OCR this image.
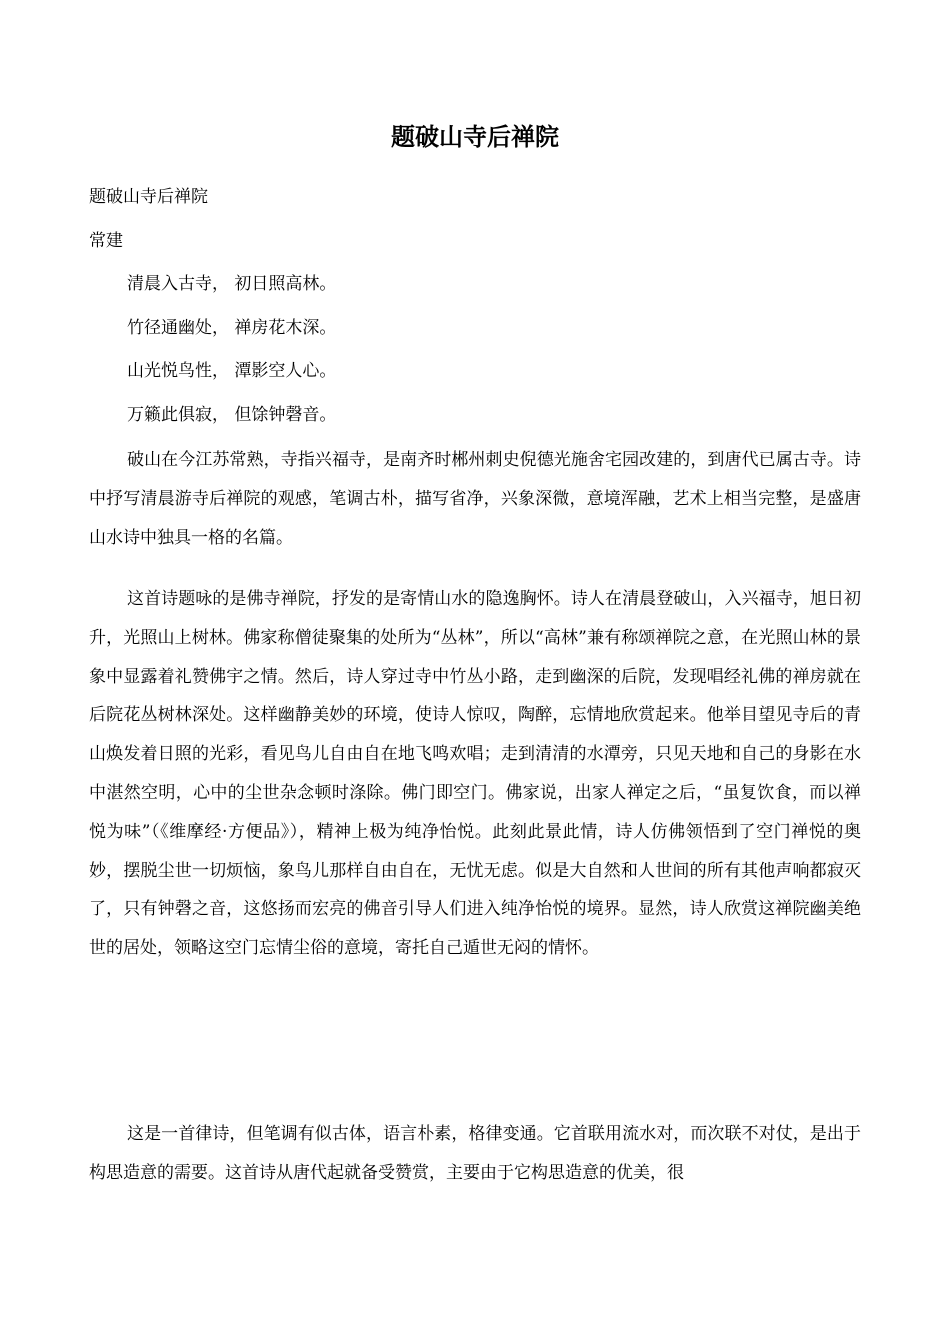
题破山寺后禅院

题破山寺后禅院

常建

清晨入古寺， 初日照高林。

竹径通幽处， 禅房花木深。

山光悦鸟性， 潭影空人心。

万籁此俱寂， 但馀钟磬音。

破山在今江苏常熟，寺指兴福寺，是南齐时郴州刺史倪德光施舍宅园改建的，到唐代已属古寺。诗中抒写清晨游寺后禅院的观感，笔调古朴，描写省净，兴象深微，意境浑融，艺术上相当完整，是盛唐山水诗中独具一格的名篇。

这首诗题咏的是佛寺禅院，抒发的是寄情山水的隐逸胸怀。诗人在清晨登破山，入兴福寺，旭日初升，光照山上树林。佛家称僧徒聚集的处所为“丛林”，所以“高林”兼有称颂禅院之意，在光照山林的景象中显露着礼赞佛宇之情。然后，诗人穿过寺中竹丛小路，走到幽深的后院，发现唱经礼佛的禅房就在后院花丛树林深处。这样幽静美妙的环境，使诗人惊叹，陶醉，忘情地欣赏起来。他举目望见寺后的青山焕发着日照的光彩，看见鸟儿自由自在地飞鸣欢唱；走到清清的水潭旁，只见天地和自己的身影在水中湛然空明，心中的尘世杂念顿时涤除。佛门即空门。佛家说，出家人禅定之后，“虽复饮食，而以禅悦为味”（《维摩经·方便品》），精神上极为纯净怡悦。此刻此景此情，诗人仿佛领悟到了空门禅悦的奥妙，摆脱尘世一切烦恼，象鸟儿那样自由自在，无忧无虑。似是大自然和人世间的所有其他声响都寂灭了，只有钟磬之音，这悠扬而宏亮的佛音引导人们进入纯净怡悦的境界。显然，诗人欣赏这禅院幽美绝世的居处，领略这空门忘情尘俗的意境，寄托自己遁世无闷的情怀。

这是一首律诗，但笔调有似古体，语言朴素，格律变通。它首联用流水对，而次联不对仗，是出于构思造意的需要。这首诗从唐代起就备受赞赏，主要由于它构思造意的优美，很
